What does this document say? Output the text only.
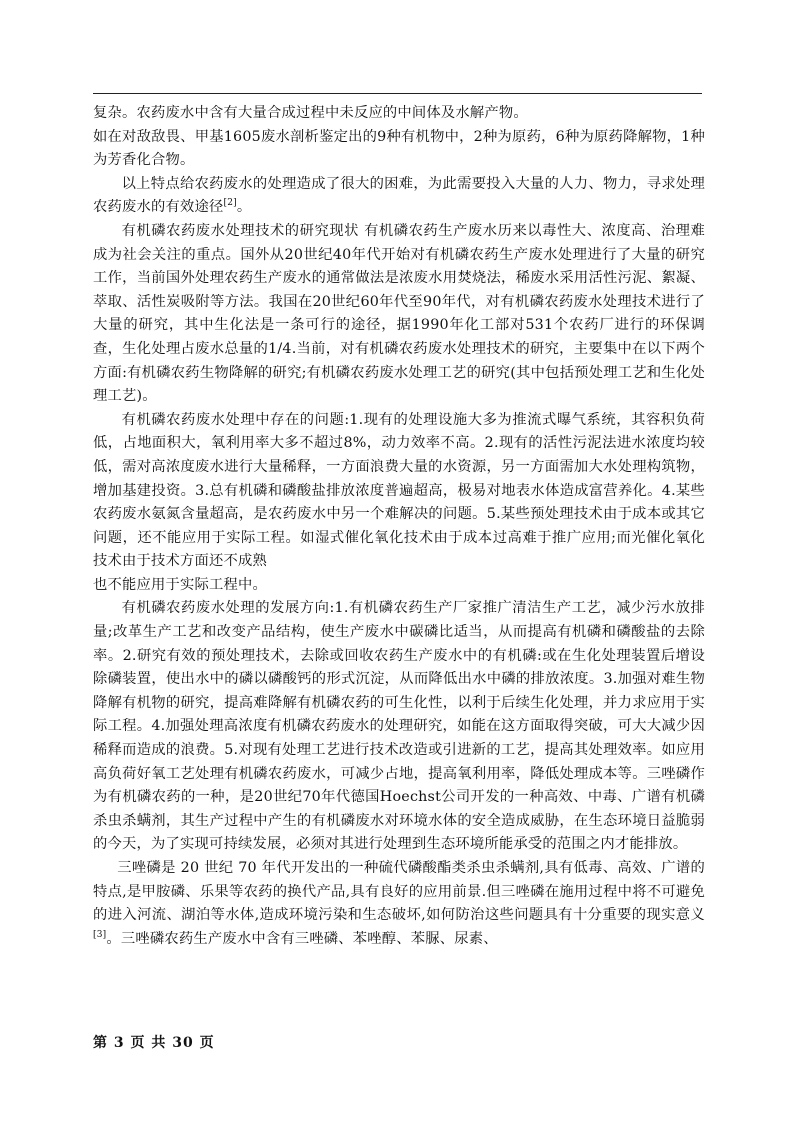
复杂。农药废水中含有大量合成过程中未反应的中间体及水解产物。

如在对敌敌畏、甲基1605废水剖析鉴定出的9种有机物中，2种为原药，6种为原药降解物，1种为芳香化合物。

以上特点给农药废水的处理造成了很大的困难，为此需要投入大量的人力、物力，寻求处理农药废水的有效途径[2]。

有机磷农药废水处理技术的研究现状 有机磷农药生产废水历来以毒性大、浓度高、治理难成为社会关注的重点。国外从20世纪40年代开始对有机磷农药生产废水处理进行了大量的研究工作，当前国外处理农药生产废水的通常做法是浓废水用焚烧法，稀废水采用活性污泥、絮凝、萃取、活性炭吸附等方法。我国在20世纪60年代至90年代，对有机磷农药废水处理技术进行了大量的研究，其中生化法是一条可行的途径，据1990年化工部对531个农药厂进行的环保调查，生化处理占废水总量的1/4.当前，对有机磷农药废水处理技术的研究，主要集中在以下两个方面:有机磷农药生物降解的研究;有机磷农药废水处理工艺的研究(其中包括预处理工艺和生化处理工艺)。

有机磷农药废水处理中存在的问题:1.现有的处理设施大多为推流式曝气系统，其容积负荷低，占地面积大，氧利用率大多不超过8%，动力效率不高。2.现有的活性污泥法进水浓度均较低，需对高浓度废水进行大量稀释，一方面浪费大量的水资源，另一方面需加大水处理构筑物，增加基建投资。3.总有机磷和磷酸盐排放浓度普遍超高，极易对地表水体造成富营养化。4.某些农药废水氨氮含量超高，是农药废水中另一个难解决的问题。5.某些预处理技术由于成本或其它问题，还不能应用于实际工程。如湿式催化氧化技术由于成本过高难于推广应用;而光催化氧化技术由于技术方面还不成熟

也不能应用于实际工程中。

有机磷农药废水处理的发展方向:1.有机磷农药生产厂家推广清洁生产工艺，减少污水放排量;改革生产工艺和改变产品结构，使生产废水中碳磷比适当，从而提高有机磷和磷酸盐的去除率。2.研究有效的预处理技术，去除或回收农药生产废水中的有机磷:或在生化处理装置后增设除磷装置，使出水中的磷以磷酸钙的形式沉淀，从而降低出水中磷的排放浓度。3.加强对难生物降解有机物的研究，提高难降解有机磷农药的可生化性，以利于后续生化处理，并力求应用于实际工程。4.加强处理高浓度有机磷农药废水的处理研究，如能在这方面取得突破，可大大减少因稀释而造成的浪费。5.对现有处理工艺进行技术改造或引进新的工艺，提高其处理效率。如应用高负荷好氧工艺处理有机磷农药废水，可减少占地，提高氧利用率，降低处理成本等。三唑磷作为有机磷农药的一种，是20世纪70年代德国Hoechst公司开发的一种高效、中毒、广谱有机磷杀虫杀螨剂，其生产过程中产生的有机磷废水对环境水体的安全造成威胁，在生态环境日益脆弱的今天，为了实现可持续发展，必须对其进行处理到生态环境所能承受的范围之内才能排放。

三唑磷是 20 世纪 70 年代开发出的一种硫代磷酸酯类杀虫杀螨剂,具有低毒、高效、广谱的特点,是甲胺磷、乐果等农药的换代产品,具有良好的应用前景.但三唑磷在施用过程中将不可避免的进入河流、湖泊等水体,造成环境污染和生态破坏,如何防治这些问题具有十分重要的现实意义[3]。三唑磷农药生产废水中含有三唑磷、苯唑醇、苯脲、尿素、

第 3 页 共 30 页
